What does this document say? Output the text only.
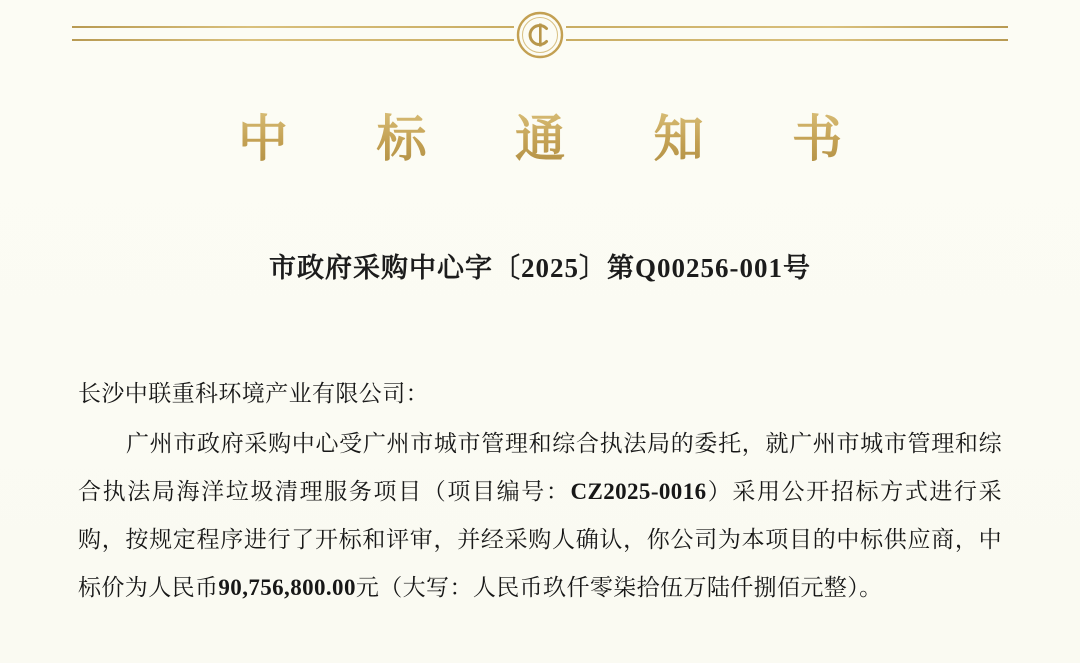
中 标 通 知 书
市政府采购中心字〔2025〕第Q00256-001号

长沙中联重科环境产业有限公司：

广州市政府采购中心受广州市城市管理和综合执法局的委托，就广州市城市管理和综合执法局海洋垃圾清理服务项目（项目编号：CZ2025-0016）采用公开招标方式进行采购，按规定程序进行了开标和评审，并经采购人确认，你公司为本项目的中标供应商，中标价为人民币90,756,800.00元（大写：人民币玖仟零柒拾伍万陆仟捌佰元整）。
